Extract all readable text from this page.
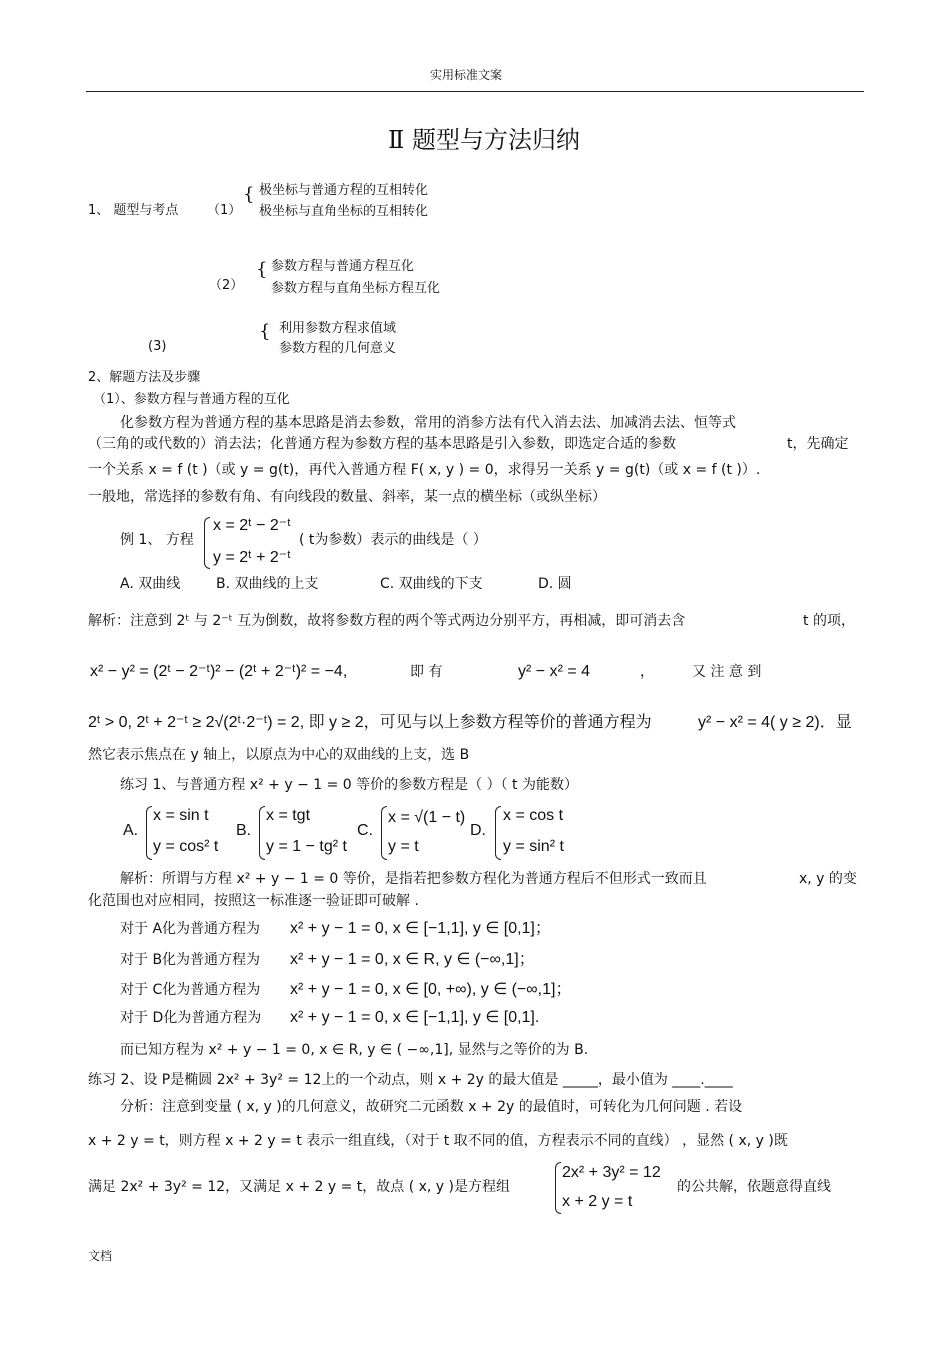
实用标准文案
Ⅱ 题型与方法归纳
1、 题型与考点 （1）
{ 极坐标与普通方程的互相转化
极坐标与直角坐标的互相转化
（2）
{ 参数方程与普通方程互化
参数方程与直角坐标方程互化
(3)
{ 利用参数方程求值域
参数方程的几何意义
2、解题方法及步骤
（1）、参数方程与普通方程的互化
化参数方程为普通方程的基本思路是消去参数，常用的消参方法有代入消去法、加减消去法、恒等式
（三角的或代数的）消去法；化普通方程为参数方程的基本思路是引入参数，即选定合适的参数	t，先确定
一个关系 x = f (t )（或 y = g(t)，再代入普通方程 F( x, y ) = 0，求得另一关系 y = g(t)（或 x = f (t )）.
一般地，常选择的参数有角、有向线段的数量、斜率，某一点的横坐标（或纵坐标）
例 1、 方程
x = 2ᵗ − 2⁻ᵗ
y = 2ᵗ + 2⁻ᵗ
( t为参数）表示的曲线是（ ）
A. 双曲线	B. 双曲线的上支	C. 双曲线的下支	D. 圆
解析：注意到 2ᵗ 与 2⁻ᵗ 互为倒数，故将参数方程的两个等式两边分别平方，再相减，即可消去含	t 的项，
x² − y² = (2ᵗ − 2⁻ᵗ)² − (2ᵗ + 2⁻ᵗ)² = −4,	即 有	y² − x² = 4	，	又 注 意 到
2ᵗ > 0, 2ᵗ + 2⁻ᵗ ≥ 2√(2ᵗ·2⁻ᵗ) = 2, 即 y ≥ 2，可见与以上参数方程等价的普通方程为	y² − x² = 4( y ≥ 2)．显
然它表示焦点在 y 轴上，以原点为中心的双曲线的上支，选 B
练习 1、与普通方程 x² + y − 1 = 0 等价的参数方程是（ ）（ t 为能数）
A.
x = sin t
y = cos² t
B.
x = tgt
y = 1 − tg² t
C.
x = √(1 − t)
y = t
D.
x = cos t
y = sin² t
解析：所谓与方程 x² + y − 1 = 0 等价，是指若把参数方程化为普通方程后不但形式一致而且	x, y 的变
化范围也对应相同，按照这一标准逐一验证即可破解 .
对于 A化为普通方程为 x² + y − 1 = 0, x ∈ [−1,1], y ∈ [0,1]；
对于 B化为普通方程为 x² + y − 1 = 0, x ∈ R, y ∈ (−∞,1]；
对于 C化为普通方程为 x² + y − 1 = 0, x ∈ [0, +∞), y ∈ (−∞,1]；
对于 D化为普通方程为 x² + y − 1 = 0, x ∈ [−1,1], y ∈ [0,1].
而已知方程为 x² + y − 1 = 0, x ∈ R, y ∈ ( −∞,1], 显然与之等价的为 B.
练习 2、设 P是椭圆 2x² + 3y² = 12上的一个动点，则 x + 2y 的最大值是 _____，最小值为 ____.____
分析：注意到变量 ( x, y )的几何意义，故研究二元函数 x + 2y 的最值时，可转化为几何问题 . 若设
x + 2 y = t，则方程 x + 2 y = t 表示一组直线，（对于 t 取不同的值，方程表示不同的直线） ，显然 ( x, y )既
满足 2x² + 3y² = 12，又满足 x + 2 y = t，故点 ( x, y )是方程组
2x² + 3y² = 12
x + 2 y = t
的公共解，依题意得直线
文档
